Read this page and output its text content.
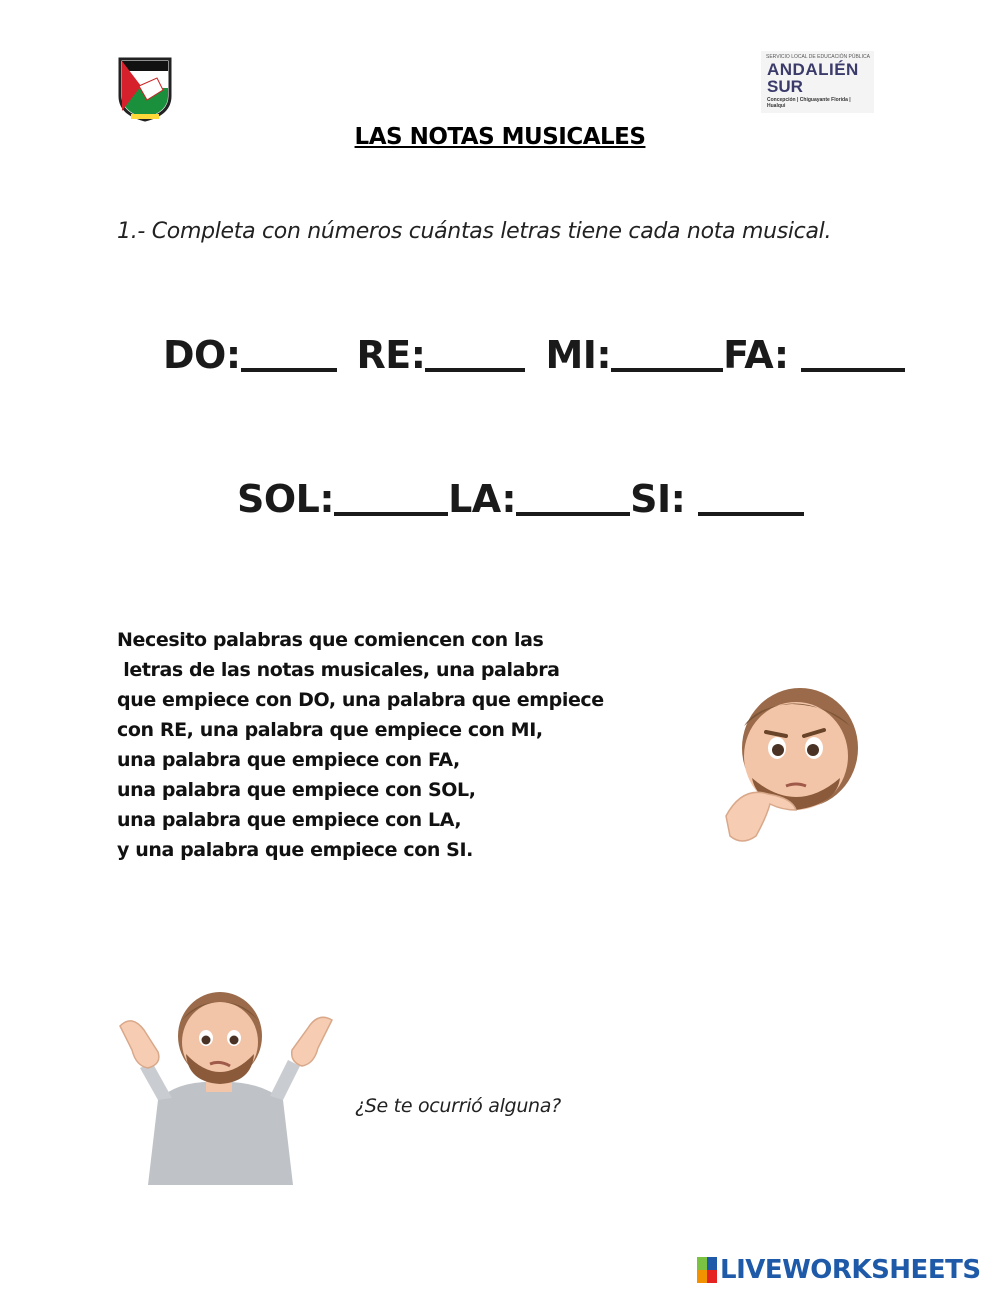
SERVICIO LOCAL DE EDUCACIÓN PÚBLICA
ANDALIÉN
SUR
Concepción | Chiguayante Florida | Hualqui
LAS NOTAS MUSICALES
1.- Completa con números cuántas letras tiene cada nota musical.
DO:	RE:	MI:	FA:
SOL:	LA:	SI:
Necesito palabras que comiencen con las
letras de las notas musicales, una palabra
que empiece con DO, una palabra que empiece
con RE, una palabra que empiece con MI,
una palabra que empiece con FA,
una palabra que empiece con SOL,
una palabra que empiece con LA,
y una palabra que empiece con SI.
¿Se te ocurrió alguna?
LIVEWORKSHEETS
